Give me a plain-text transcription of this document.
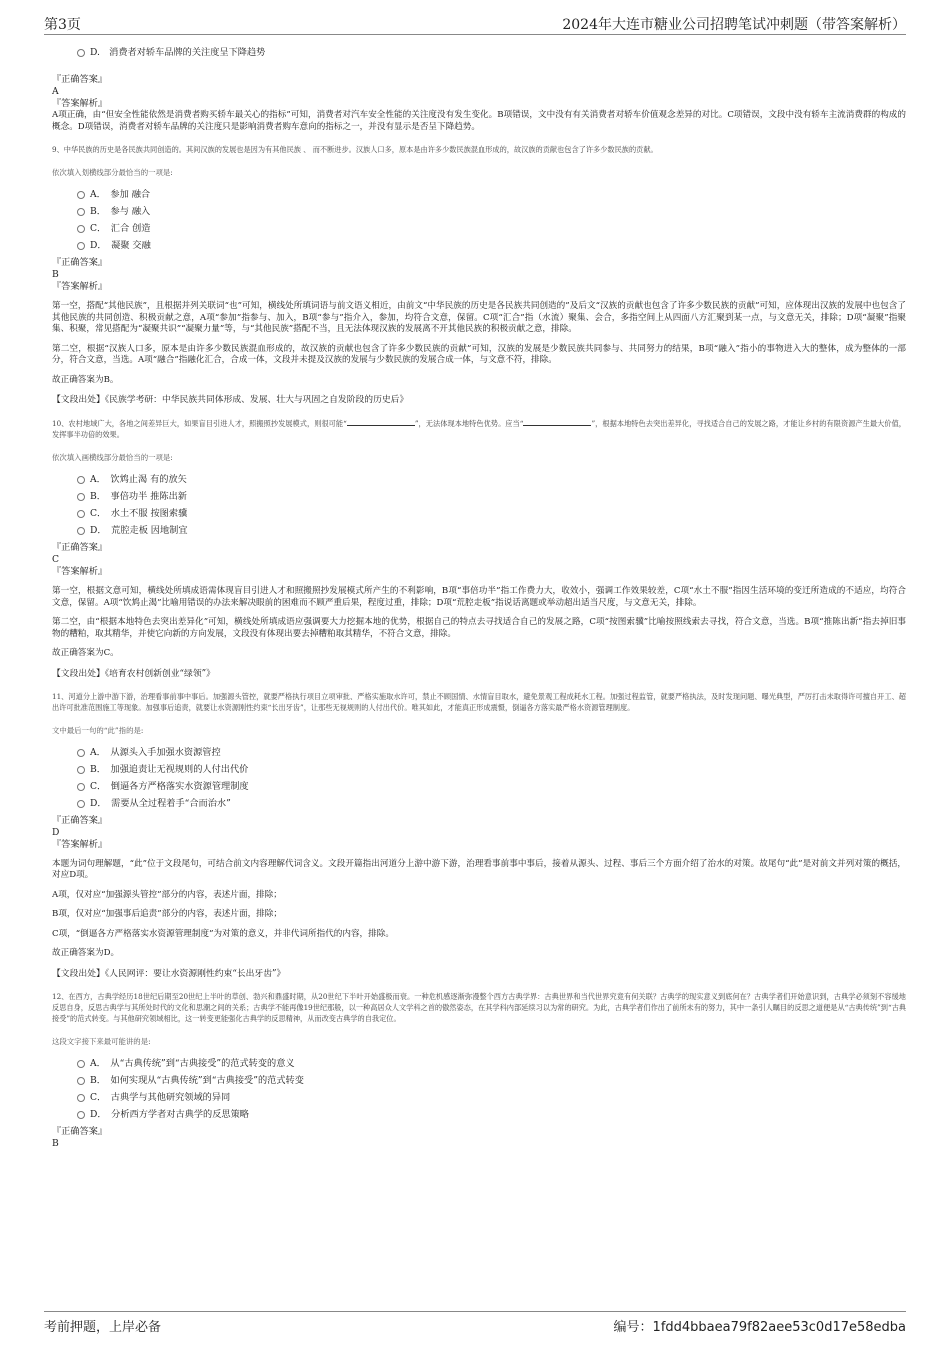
第3页	2024年大连市糖业公司招聘笔试冲刺题（带答案解析）
D.　消费者对轿车品牌的关注度呈下降趋势
『正确答案』
A
『答案解析』
A项正确，由“但安全性能依然是消费者购买轿车最关心的指标”可知，消费者对汽车安全性能的关注度没有发生变化。B项错误，文中没有有关消费者对轿车价值观念差异的对比。C项错误，文段中没有轿车主流消费群的构成的概念。D项错误，消费者对轿车品牌的关注度只是影响消费者购车意向的指标之一，并没有显示是否呈下降趋势。
9、中华民族的历史是各民族共同创造的。其间汉族的发展也是因为有其他民族 、 而不断进步。汉族人口多，原本是由许多少数民族混血形成的，故汉族的贡献也包含了许多少数民族的贡献。
依次填入划横线部分最恰当的一项是:
A．　参加 融合
B．　参与 融入
C．　汇合 创造
D．　凝聚 交融
『正确答案』
B
『答案解析』
第一空，搭配“其他民族”，且根据并列关联词“也”可知，横线处所填词语与前文语义相近，由前文“中华民族的历史是各民族共同创造的”及后文“汉族的贡献也包含了许多少数民族的贡献”可知，应体现出汉族的发展中也包含了其他民族的共同创造、积极贡献之意，A项“参加”指参与、加入，B项“参与”指介入，参加，均符合文意，保留。C项“汇合”指（水流）聚集、会合，多指空间上从四面八方汇聚到某一点，与文意无关，排除；D项“凝聚”指聚集、积聚，常见搭配为“凝聚共识”“凝聚力量”等，与“其他民族”搭配不当，且无法体现汉族的发展离不开其他民族的积极贡献之意，排除。
第二空，根据“汉族人口多，原本是由许多少数民族混血形成的，故汉族的贡献也包含了许多少数民族的贡献”可知，汉族的发展是少数民族共同参与、共同努力的结果，B项“融入”指小的事物进入大的整体，成为整体的一部分，符合文意，当选。A项“融合”指融化汇合，合成一体，文段并未提及汉族的发展与少数民族的发展合成一体，与文意不符，排除。
故正确答案为B。
【文段出处】《民族学考研：中华民族共同体形成、发展、壮大与巩固之自发阶段的历史后》
10、农村地域广大，各地之间差异巨大，如果盲目引进人才，照搬照抄发展模式，则很可能“	”，无法体现本地特色优势。应当“	”，根据本地特色去突出差异化，寻找适合自己的发展之路，才能让乡村的有限资源产生最大价值，发挥事半功倍的效果。
依次填入画横线部分最恰当的一项是:
A．　饮鸩止渴 有的放矢
B．　事倍功半 推陈出新
C．　水土不服 按图索骥
D．　荒腔走板 因地制宜
『正确答案』
C
『答案解析』
第一空，根据文意可知，横线处所填成语需体现盲目引进人才和照搬照抄发展模式所产生的不利影响，B项“事倍功半”指工作费力大，收效小，强调工作效果较差，C项“水土不服”指因生活环境的变迁所造成的不适应，均符合文意，保留。A项“饮鸩止渴”比喻用错误的办法来解决眼前的困难而不顾严重后果，程度过重，排除；D项“荒腔走板”指说话离题或举动超出适当尺度，与文意无关，排除。
第二空，由“根据本地特色去突出差异化”可知，横线处所填成语应强调要大力挖掘本地的优势，根据自己的特点去寻找适合自己的发展之路，C项“按图索骥”比喻按照线索去寻找，符合文意，当选。B项“推陈出新”指去掉旧事物的糟粕，取其精华，并使它向新的方向发展，文段没有体现出要去掉糟粕取其精华，不符合文意，排除。
故正确答案为C。
【文段出处】《培育农村创新创业“绿领”》
11、河道分上游中游下游，治理看事前事中事后。加强源头管控，就要严格执行项目立项审批、严格实施取水许可，禁止不顾国情、水情盲目取水，避免景观工程成耗水工程。加强过程监管，就要严格执法，及时发现问题、曝光典型，严厉打击未取得许可擅自开工、超出许可批准范围施工等现象。加强事后追责，就要让水资源刚性约束“长出牙齿”，让那些无视规则的人付出代价。唯其如此，才能真正形成震慑，倒逼各方落实最严格水资源管理制度。
文中最后一句的“此”指的是:
A．　从源头入手加强水资源管控
B．　加强追责让无视规则的人付出代价
C．　倒逼各方严格落实水资源管理制度
D．　需要从全过程着手“合而治水”
『正确答案』
D
『答案解析』
本题为词句理解题，“此”位于文段尾句，可结合前文内容理解代词含义。文段开篇指出河道分上游中游下游，治理看事前事中事后，接着从源头、过程、事后三个方面介绍了治水的对策。故尾句“此”是对前文并列对策的概括，对应D项。
A项，仅对应“加强源头管控”部分的内容，表述片面，排除；
B项，仅对应“加强事后追责”部分的内容，表述片面，排除；
C项，“倒逼各方严格落实水资源管理制度”为对策的意义，并非代词所指代的内容，排除。
故正确答案为D。
【文段出处】《人民网评：要让水资源刚性约束“长出牙齿”》
12、在西方，古典学经历18世纪后期至20世纪上半叶的草创、勃兴和鼎盛时期，从20世纪下半叶开始盛极而衰。一种危机感逐渐弥漫整个西方古典学界：古典世界和当代世界究竟有何关联？古典学的现实意义到底何在？古典学者们开始意识到，古典学必须刻不容缓地反思自身，反思古典学与其所处时代的文化和思潮之间的关系；古典学不能再像19世纪那般，以一种高居众人文学科之首的傲然姿态，在其学科内部延续习以为常的研究。为此，古典学者们作出了前所未有的努力，其中一条引人瞩目的反思之道便是从“古典传统”到“古典接受”的范式转变。与其他研究领域相比，这一转变更能强化古典学的反思精神，从而改变古典学的自我定位。
这段文字接下来最可能讲的是:
A．　从“古典传统”到“古典接受”的范式转变的意义
B．　如何实现从“古典传统”到“古典接受”的范式转变
C．　古典学与其他研究领域的异同
D．　分析西方学者对古典学的反思策略
『正确答案』
B
考前押题，上岸必备	编号：1fdd4bbaea79f82aee53c0d17e58edba
